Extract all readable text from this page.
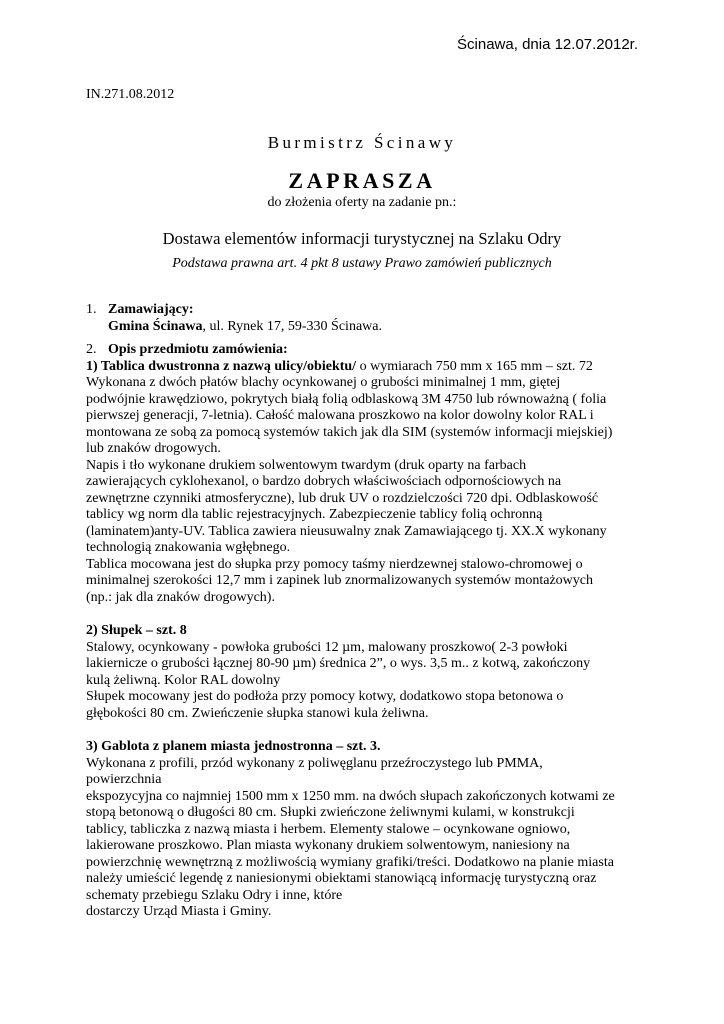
Ścinawa, dnia 12.07.2012r.
IN.271.08.2012
Burmistrz Ścinawy
ZAPRASZA
do złożenia oferty na zadanie pn.:
Dostawa elementów informacji turystycznej na Szlaku Odry
Podstawa prawna art. 4 pkt 8 ustawy Prawo zamówień publicznych
1. Zamawiający:
Gmina Ścinawa, ul. Rynek 17, 59-330 Ścinawa.
2. Opis przedmiotu zamówienia:
1) Tablica dwustronna z nazwą ulicy/obiektu/ o wymiarach 750 mm x 165 mm – szt. 72
Wykonana z dwóch płatów blachy ocynkowanej o grubości minimalnej 1 mm, giętej
podwójnie krawędziowo, pokrytych białą folią odblaskową 3M 4750 lub równoważną ( folia
pierwszej generacji, 7-letnia). Całość malowana proszkowo na kolor dowolny kolor RAL i
montowana ze sobą za pomocą systemów takich jak dla SIM (systemów informacji miejskiej)
lub znaków drogowych.
Napis i tło wykonane drukiem solwentowym twardym (druk oparty na farbach
zawierających cyklohexanol, o bardzo dobrych właściwościach odpornościowych na
zewnętrzne czynniki atmosferyczne), lub druk UV o rozdzielczości 720 dpi. Odblaskowość
tablicy wg norm dla tablic rejestracyjnych. Zabezpieczenie tablicy folią ochronną
(laminatem)anty-UV. Tablica zawiera nieusuwalny znak Zamawiającego tj. XX.X wykonany
technologią znakowania wgłębnego.
Tablica mocowana jest do słupka przy pomocy taśmy nierdzewnej stalowo-chromowej o
minimalnej szerokości 12,7 mm i zapinek lub znormalizowanych systemów montażowych
(np.: jak dla znaków drogowych).
2) Słupek – szt. 8
Stalowy, ocynkowany - powłoka grubości 12 µm, malowany proszkowo( 2-3 powłoki
lakiernicze o grubości łącznej 80-90 µm) średnica 2”, o wys. 3,5 m.. z kotwą, zakończony
kulą żeliwną. Kolor RAL dowolny
Słupek mocowany jest do podłoża przy pomocy kotwy, dodatkowo stopa betonowa o
głębokości 80 cm. Zwieńczenie słupka stanowi kula żeliwna.
3) Gablota z planem miasta jednostronna – szt. 3.
Wykonana z profili, przód wykonany z poliwęglanu przeźroczystego lub PMMA,
powierzchnia
ekspozycyjna co najmniej 1500 mm x 1250 mm. na dwóch słupach zakończonych kotwami ze
stopą betonową o długości 80 cm. Słupki zwieńczone żeliwnymi kulami, w konstrukcji
tablicy, tabliczka z nazwą miasta i herbem. Elementy stalowe – ocynkowane ogniowo,
lakierowane proszkowo. Plan miasta wykonany drukiem solwentowym, naniesiony na
powierzchnię wewnętrzną z możliwością wymiany grafiki/treści. Dodatkowo na planie miasta
należy umieścić legendę z naniesionymi obiektami stanowiącą informację turystyczną oraz
schematy przebiegu Szlaku Odry i inne, które
dostarczy Urząd Miasta i Gminy.
